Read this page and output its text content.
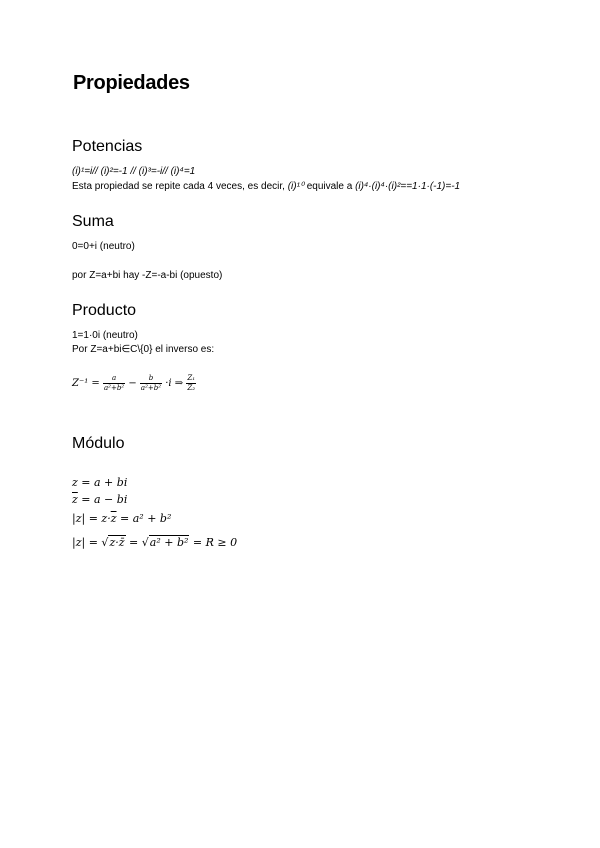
Propiedades
Potencias
(i)¹=i// (i)²=-1 // (i)³=-i// (i)⁴=1
Esta propiedad se repite cada 4 veces, es decir, (i)¹⁰ equivale a (i)⁴·(i)⁴·(i)²==1·1·(-1)=-1
Suma
0=0+i (neutro)
por Z=a+bi hay -Z=-a-bi (opuesto)
Producto
1=1·0i (neutro)
Por Z=a+bi∈C\{0} el inverso es:
$Z^{-1} = \frac{a}{\text{a²+b²}} - \frac{b}{\text{a²+b²}} \cdot i$ ⇒ $\frac{\text{Z₁}}{\text{Z₂}}$
Módulo
z = a + bi
$\overline{z} = a$ − bi
$|z| = z\cdot\overline{z} = a^2 + b^2$
|z| = √z·z̄ = √a² + b² = R ≥ 0
